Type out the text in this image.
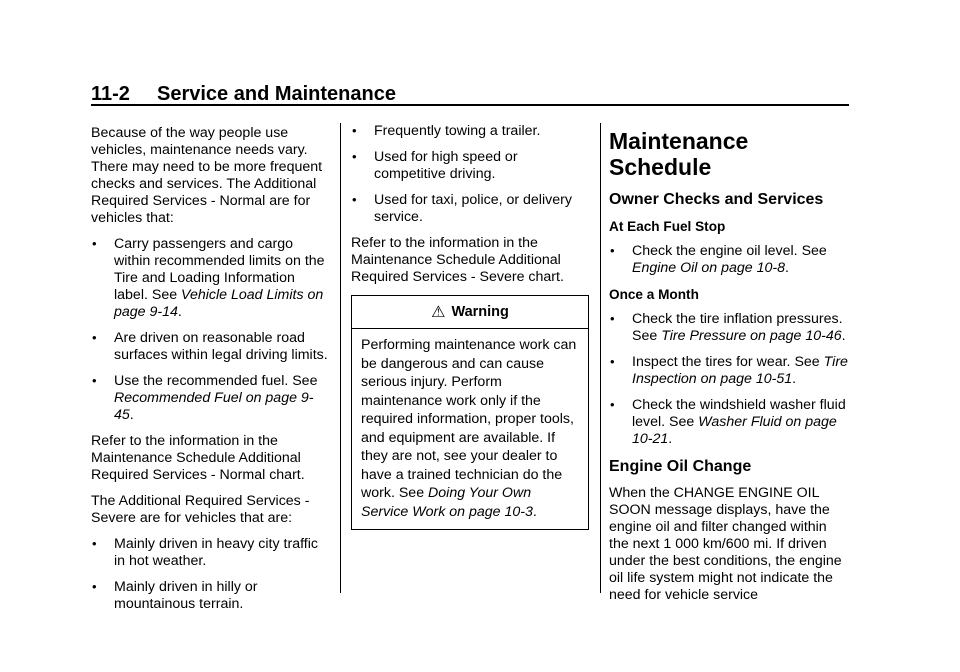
11-2 Service and Maintenance

Because of the way people use vehicles, maintenance needs vary. There may need to be more frequent checks and services. The Additional Required Services - Normal are for vehicles that:

• Carry passengers and cargo within recommended limits on the Tire and Loading Information label. See Vehicle Load Limits on page 9-14.
• Are driven on reasonable road surfaces within legal driving limits.
• Use the recommended fuel. See Recommended Fuel on page 9-45.

Refer to the information in the Maintenance Schedule Additional Required Services - Normal chart.

The Additional Required Services - Severe are for vehicles that are:

• Mainly driven in heavy city traffic in hot weather.
• Mainly driven in hilly or mountainous terrain.
• Frequently towing a trailer.
• Used for high speed or competitive driving.
• Used for taxi, police, or delivery service.

Refer to the information in the Maintenance Schedule Additional Required Services - Severe chart.

⚠ Warning

Performing maintenance work can be dangerous and can cause serious injury. Perform maintenance work only if the required information, proper tools, and equipment are available. If they are not, see your dealer to have a trained technician do the work. See Doing Your Own Service Work on page 10-3.

Maintenance Schedule
Owner Checks and Services
At Each Fuel Stop
• Check the engine oil level. See Engine Oil on page 10-8.
Once a Month
• Check the tire inflation pressures. See Tire Pressure on page 10-46.
• Inspect the tires for wear. See Tire Inspection on page 10-51.
• Check the windshield washer fluid level. See Washer Fluid on page 10-21.
Engine Oil Change

When the CHANGE ENGINE OIL SOON message displays, have the engine oil and filter changed within the next 1 000 km/600 mi. If driven under the best conditions, the engine oil life system might not indicate the need for vehicle service
